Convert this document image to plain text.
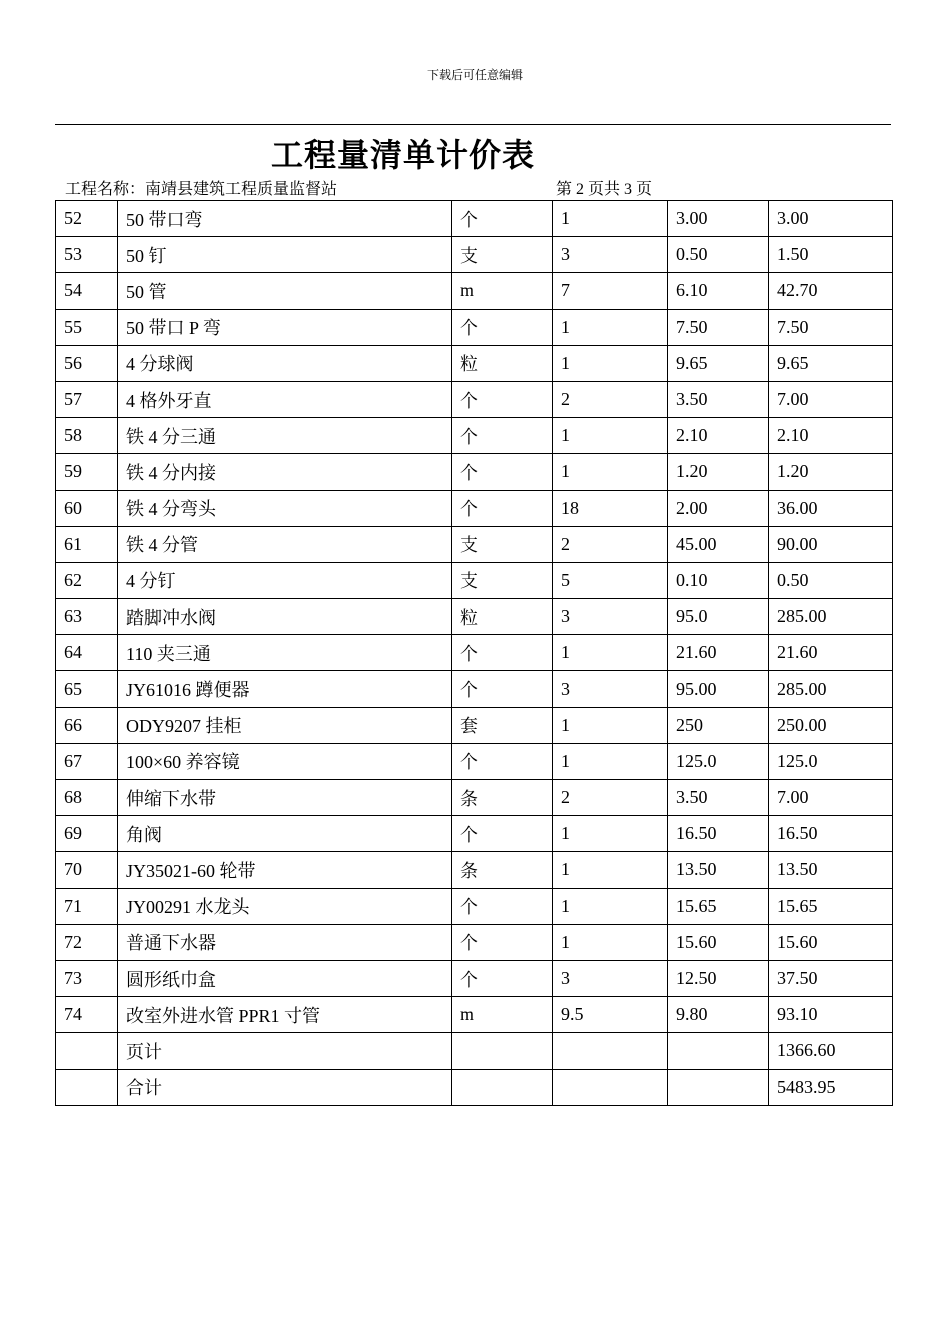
下载后可任意编辑
工程量清单计价表
工程名称：南靖县建筑工程质量监督站	第 2 页共 3 页
52	50 带口弯	个	1	3.00	3.00
53	50 钉	支	3	0.50	1.50
54	50 管	m	7	6.10	42.70
55	50 带口 P 弯	个	1	7.50	7.50
56	4 分球阀	粒	1	9.65	9.65
57	4 格外牙直	个	2	3.50	7.00
58	铁 4 分三通	个	1	2.10	2.10
59	铁 4 分内接	个	1	1.20	1.20
60	铁 4 分弯头	个	18	2.00	36.00
61	铁 4 分管	支	2	45.00	90.00
62	4 分钉	支	5	0.10	0.50
63	踏脚冲水阀	粒	3	95.0	285.00
64	110 夹三通	个	1	21.60	21.60
65	JY61016 蹲便器	个	3	95.00	285.00
66	ODY9207 挂柜	套	1	250	250.00
67	100×60 养容镜	个	1	125.0	125.0
68	伸缩下水带	条	2	3.50	7.00
69	角阀	个	1	16.50	16.50
70	JY35021-60 轮带	条	1	13.50	13.50
71	JY00291 水龙头	个	1	15.65	15.65
72	普通下水器	个	1	15.60	15.60
73	圆形纸巾盒	个	3	12.50	37.50
74	改室外进水管 PPR1 寸管	m	9.5	9.80	93.10
	页计				1366.60
	合计				5483.95
